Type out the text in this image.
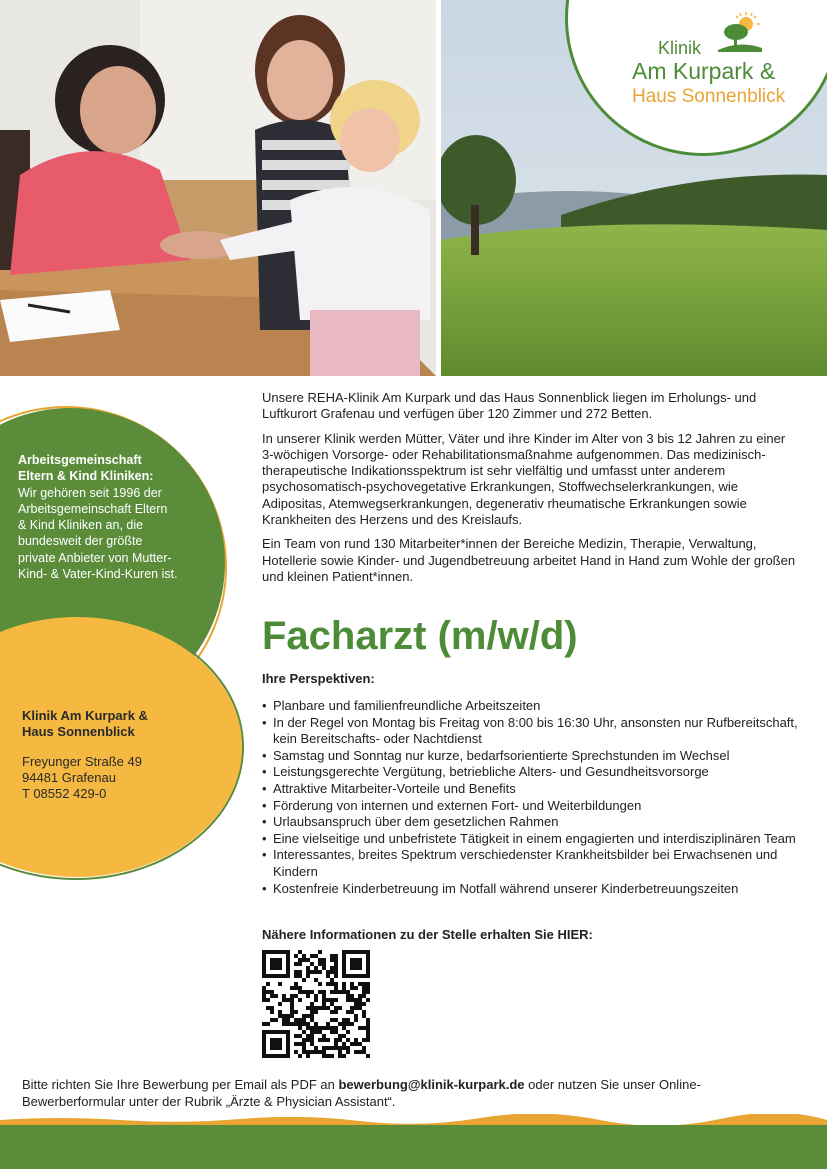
Klinik
Am Kurpark &
Haus Sonnenblick
Arbeitsgemeinschaft Eltern & Kind Kliniken:
Wir gehören seit 1996 der Arbeitsgemeinschaft Eltern & Kind Kliniken an, die bundesweit der größte private Anbieter von Mutter-Kind- & Vater-Kind-Kuren ist.
Klinik Am Kurpark &
Haus Sonnenblick
Freyunger Straße 49
94481 Grafenau
T 08552 429-0

Unsere REHA-Klinik Am Kurpark und das Haus Sonnenblick liegen im Erholungs- und Luftkurort Grafenau und verfügen über 120 Zimmer und 272 Betten.

In unserer Klinik werden Mütter, Väter und ihre Kinder im Alter von 3 bis 12 Jahren zu einer 3-wöchigen Vorsorge- oder Rehabilitationsmaßnahme aufgenommen. Das medizinisch-therapeutische Indikationsspektrum ist sehr vielfältig und umfasst unter anderem psychosomatisch-psychovegetative Erkrankungen, Stoffwechselerkrankungen, wie Adipositas, Atemwegserkrankungen, degenerativ rheumatische Erkrankungen sowie Krankheiten des Herzens und des Kreislaufs.

Ein Team von rund 130 Mitarbeiter*innen der Bereiche Medizin, Therapie, Verwaltung, Hotellerie sowie Kinder- und Jugendbetreuung arbeitet Hand in Hand zum Wohle der großen und kleinen Patient*innen.

Facharzt (m/w/d)
Ihre Perspektiven:
• Planbare und familienfreundliche Arbeitszeiten
• In der Regel von Montag bis Freitag von 8:00 bis 16:30 Uhr, ansonsten nur Rufbereitschaft, kein Bereitschafts- oder Nachtdienst
• Samstag und Sonntag nur kurze, bedarfsorientierte Sprechstunden im Wechsel
• Leistungsgerechte Vergütung, betriebliche Alters- und Gesundheitsvorsorge
• Attraktive Mitarbeiter-Vorteile und Benefits
• Förderung von internen und externen Fort- und Weiterbildungen
• Urlaubsanspruch über dem gesetzlichen Rahmen
• Eine vielseitige und unbefristete Tätigkeit in einem engagierten und interdisziplinären Team
• Interessantes, breites Spektrum verschiedenster Krankheitsbilder bei Erwachsenen und Kindern
• Kostenfreie Kinderbetreuung im Notfall während unserer Kinderbetreuungszeiten
Nähere Informationen zu der Stelle erhalten Sie HIER:
Bitte richten Sie Ihre Bewerbung per Email als PDF an bewerbung@klinik-kurpark.de oder nutzen Sie unser Online-Bewerberformular unter der Rubrik „Ärzte & Physician Assistant“.
